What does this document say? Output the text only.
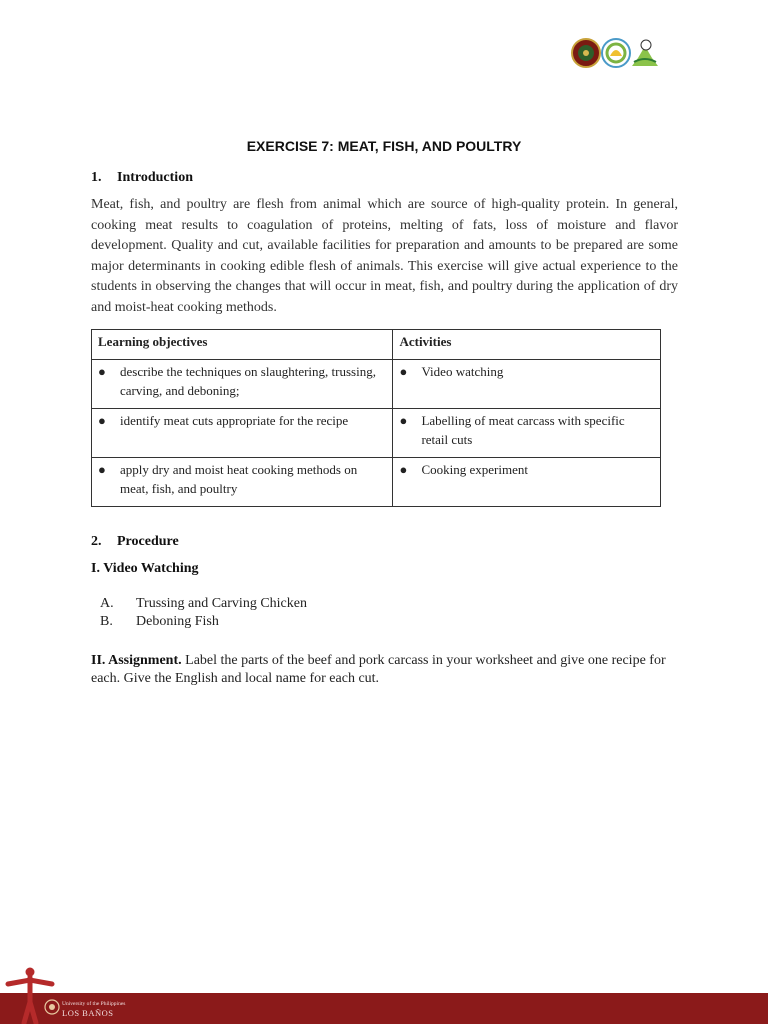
EXERCISE 7: MEAT, FISH, AND POULTRY
1. Introduction
Meat, fish, and poultry are flesh from animal which are source of high-quality protein. In general, cooking meat results to coagulation of proteins, melting of fats, loss of moisture and flavor development. Quality and cut, available facilities for preparation and amounts to be prepared are some major determinants in cooking edible flesh of animals. This exercise will give actual experience to the students in observing the changes that will occur in meat, fish, and poultry during the application of dry and moist-heat cooking methods.
Learning objectives	Activities

● describe the techniques on slaughtering, trussing, carving, and deboning;	● Video watching

● identify meat cuts appropriate for the recipe	● Labelling of meat carcass with specific retail cuts

● apply dry and moist heat cooking methods on meat, fish, and poultry	● Cooking experiment
2. Procedure
I. Video Watching
A.	Trussing and Carving Chicken
B.	Deboning Fish
II. Assignment. Label the parts of the beef and pork carcass in your worksheet and give one recipe for each. Give the English and local name for each cut.
University of the Philippines
LOS BAÑOS
